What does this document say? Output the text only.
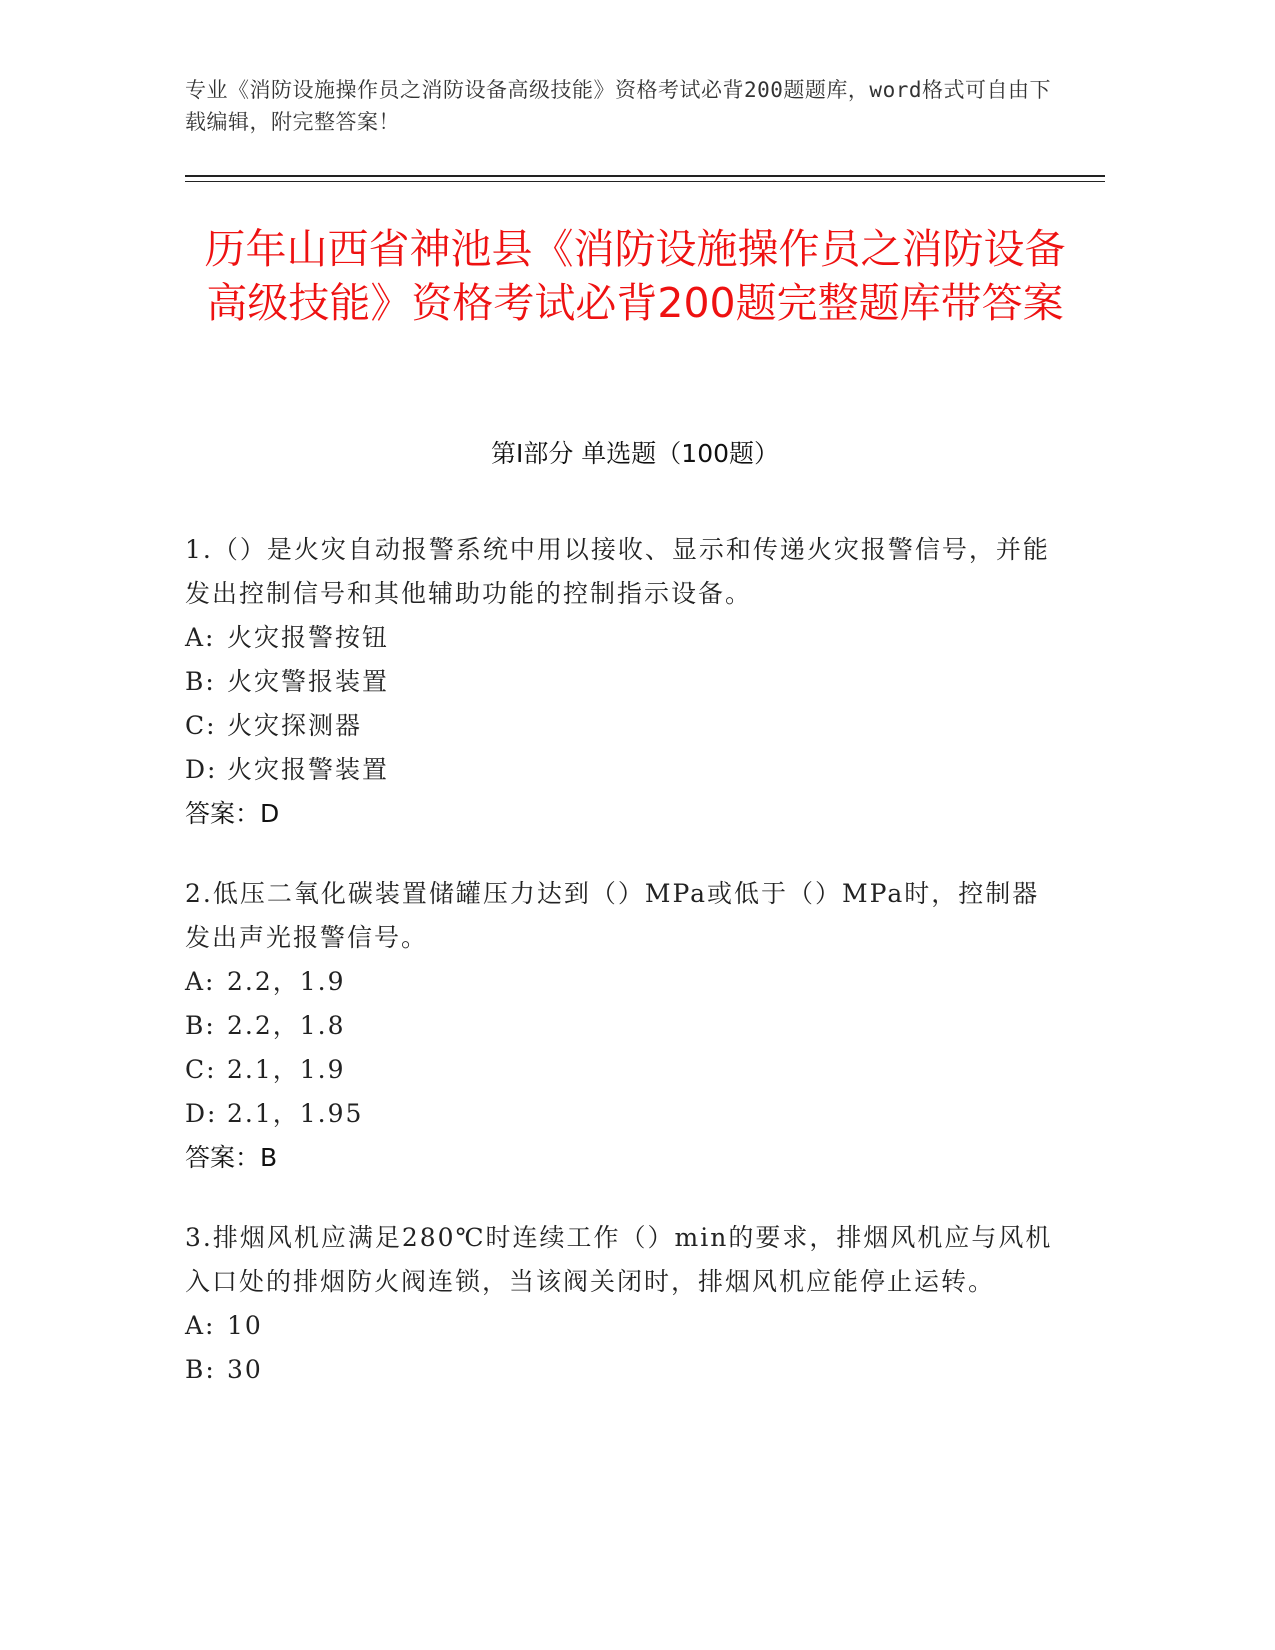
专业《消防设施操作员之消防设备高级技能》资格考试必背200题题库，word格式可自由下载编辑，附完整答案！
历年山西省神池县《消防设施操作员之消防设备高级技能》资格考试必背200题完整题库带答案
第Ⅰ部分 单选题（100题）
1.（）是火灾自动报警系统中用以接收、显示和传递火灾报警信号，并能发出控制信号和其他辅助功能的控制指示设备。
A: 火灾报警按钮
B: 火灾警报装置
C: 火灾探测器
D: 火灾报警装置
答案：D
2.低压二氧化碳装置储罐压力达到（）MPa或低于（）MPa时，控制器发出声光报警信号。
A: 2.2，1.9
B: 2.2，1.8
C: 2.1，1.9
D: 2.1，1.95
答案：B
3.排烟风机应满足280℃时连续工作（）min的要求，排烟风机应与风机入口处的排烟防火阀连锁，当该阀关闭时，排烟风机应能停止运转。
A: 10
B: 30
